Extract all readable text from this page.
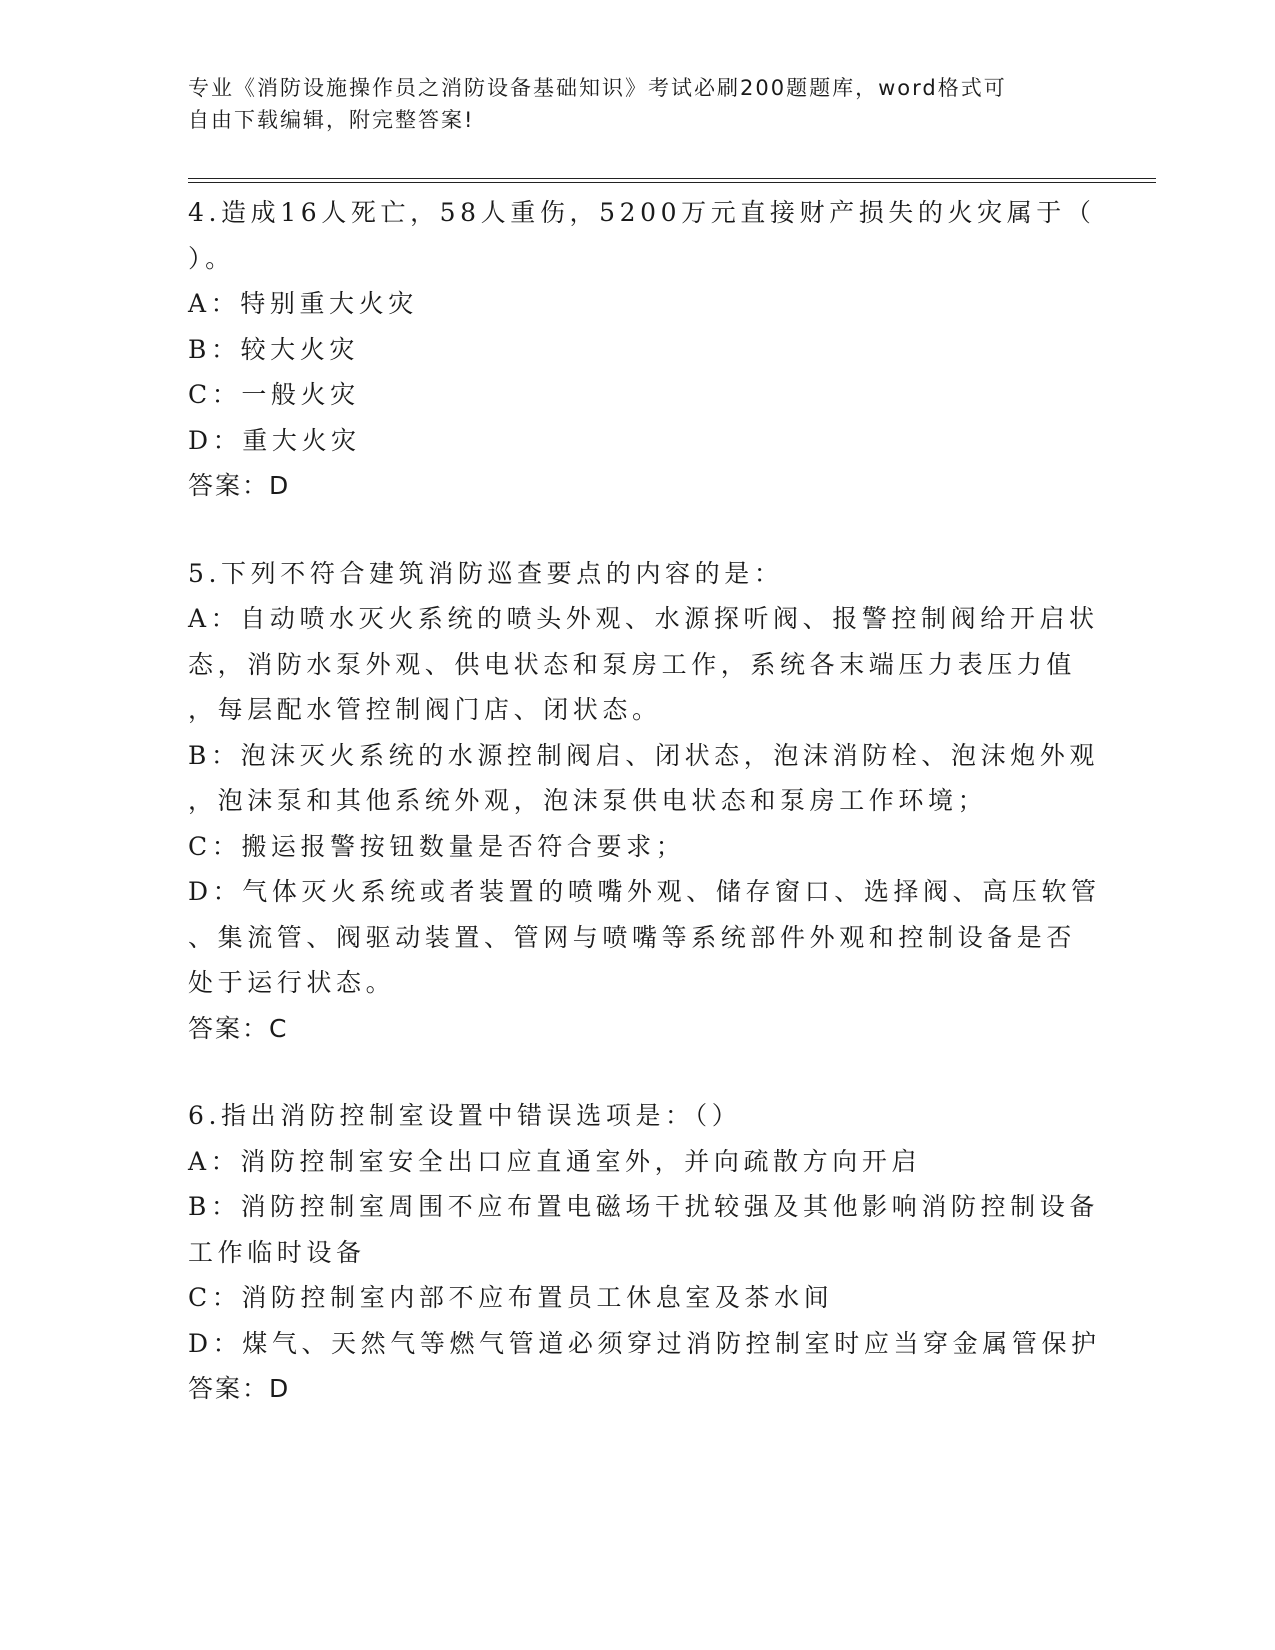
专业《消防设施操作员之消防设备基础知识》考试必刷200题题库，word格式可
自由下载编辑，附完整答案!
4.造成16人死亡，58人重伤，5200万元直接财产损失的火灾属于（
）。
A：特别重大火灾
B：较大火灾
C：一般火灾
D：重大火灾
答案：D
5.下列不符合建筑消防巡查要点的内容的是：
A：自动喷水灭火系统的喷头外观、水源探听阀、报警控制阀给开启状
态，消防水泵外观、供电状态和泵房工作，系统各末端压力表压力值
，每层配水管控制阀门店、闭状态。
B：泡沫灭火系统的水源控制阀启、闭状态，泡沫消防栓、泡沫炮外观
，泡沫泵和其他系统外观，泡沫泵供电状态和泵房工作环境；
C：搬运报警按钮数量是否符合要求；
D：气体灭火系统或者装置的喷嘴外观、储存窗口、选择阀、高压软管
、集流管、阀驱动装置、管网与喷嘴等系统部件外观和控制设备是否
处于运行状态。
答案：C
6.指出消防控制室设置中错误选项是：（）
A：消防控制室安全出口应直通室外，并向疏散方向开启
B：消防控制室周围不应布置电磁场干扰较强及其他影响消防控制设备
工作临时设备
C：消防控制室内部不应布置员工休息室及茶水间
D：煤气、天然气等燃气管道必须穿过消防控制室时应当穿金属管保护
答案：D
